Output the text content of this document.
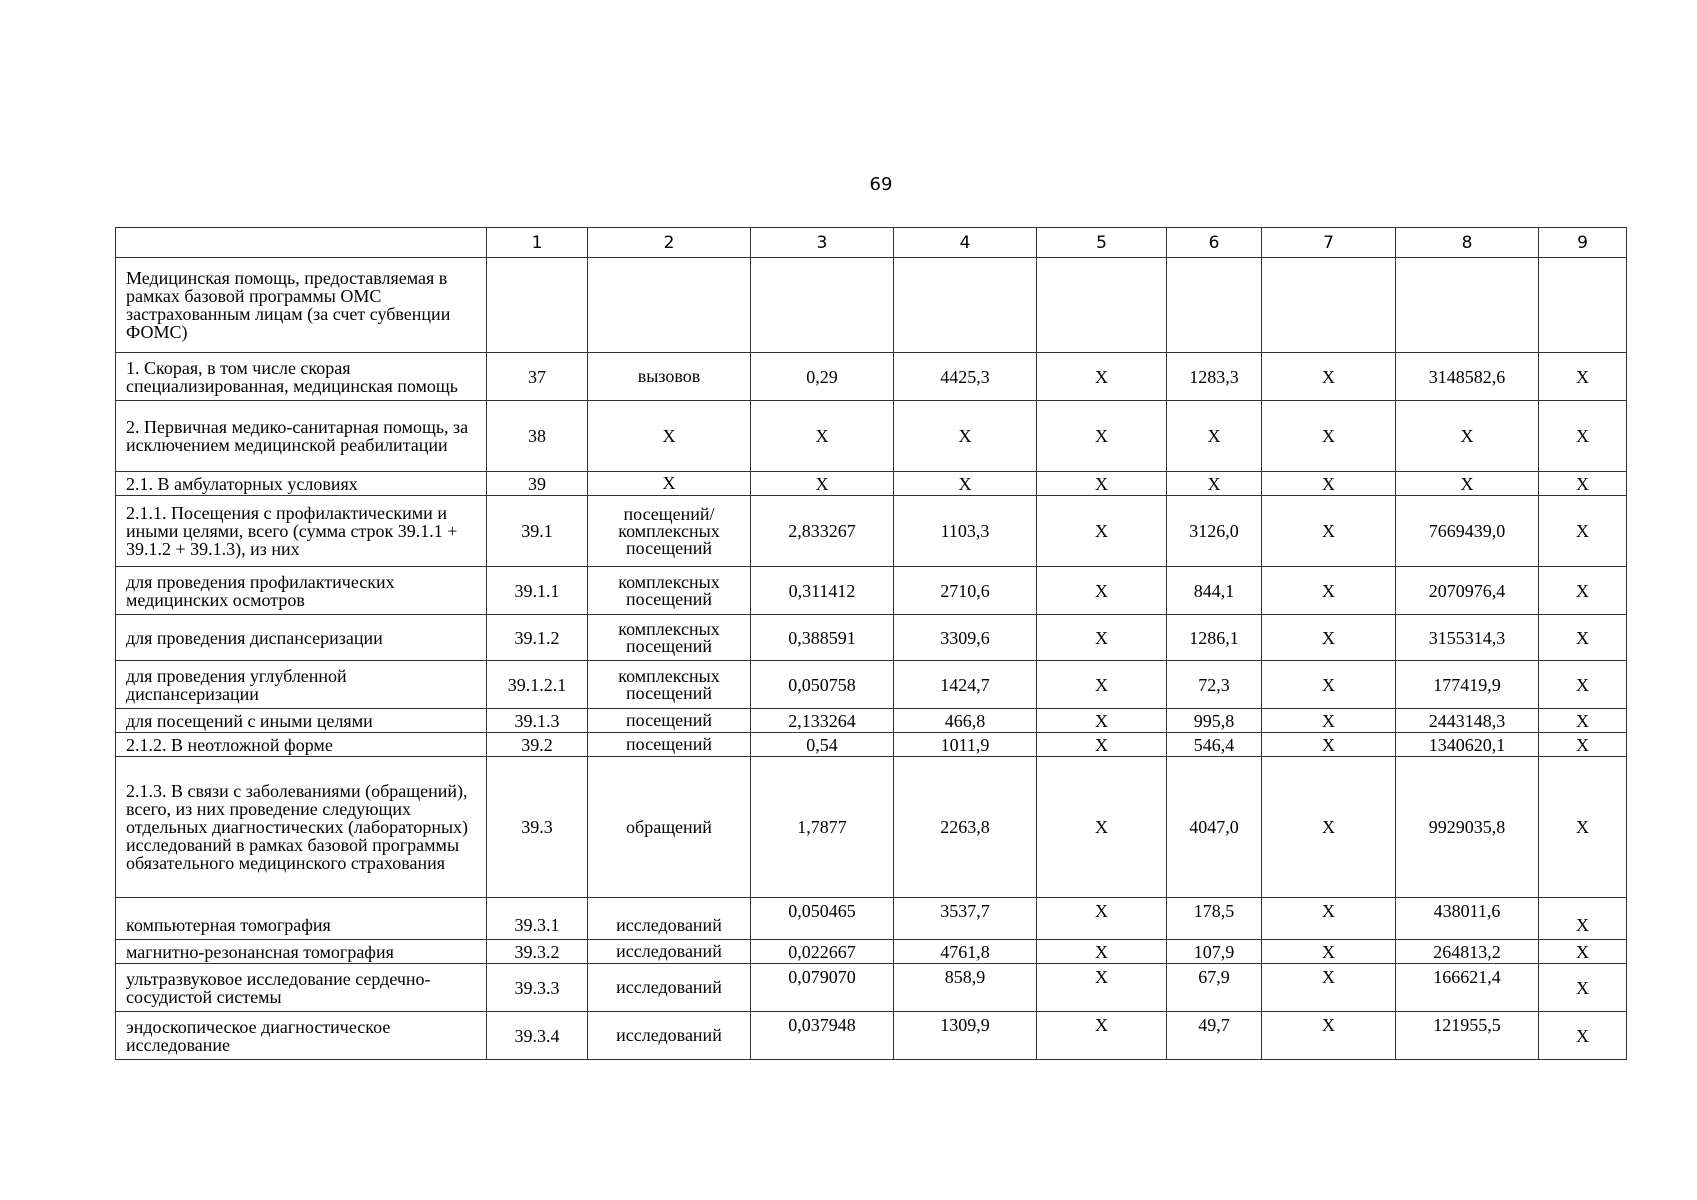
69
	1	2	3	4	5	6	7	8	9
Медицинская помощь, предоставляемая в рамках базовой программы ОМС застрахованным лицам (за счет субвенции ФОМС)									
1. Скорая, в том числе скорая специализированная, медицинская помощь	37	вызовов	0,29	4425,3	Х	1283,3	Х	3148582,6	Х
2. Первичная медико-санитарная помощь, за исключением медицинской реабилитации	38	Х	Х	Х	Х	Х	Х	Х	Х
2.1. В амбулаторных условиях	39	Х	Х	Х	Х	Х	Х	Х	Х
2.1.1. Посещения с профилактическими и иными целями, всего (сумма строк 39.1.1 + 39.1.2 + 39.1.3), из них	39.1	посещений/комплексных посещений	2,833267	1103,3	Х	3126,0	Х	7669439,0	Х
для проведения профилактических медицинских осмотров	39.1.1	комплексных посещений	0,311412	2710,6	Х	844,1	Х	2070976,4	Х
для проведения диспансеризации	39.1.2	комплексных посещений	0,388591	3309,6	Х	1286,1	Х	3155314,3	Х
для проведения углубленной диспансеризации	39.1.2.1	комплексных посещений	0,050758	1424,7	Х	72,3	Х	177419,9	Х
для посещений с иными целями	39.1.3	посещений	2,133264	466,8	Х	995,8	Х	2443148,3	Х
2.1.2. В неотложной форме	39.2	посещений	0,54	1011,9	Х	546,4	Х	1340620,1	Х
2.1.3. В связи с заболеваниями (обращений), всего, из них проведение следующих отдельных диагностических (лабораторных) исследований в рамках базовой программы обязательного медицинского страхования	39.3	обращений	1,7877	2263,8	Х	4047,0	Х	9929035,8	Х
компьютерная томография	39.3.1	исследований	0,050465	3537,7	Х	178,5	Х	438011,6	Х
магнитно-резонансная томография	39.3.2	исследований	0,022667	4761,8	Х	107,9	Х	264813,2	Х
ультразвуковое исследование сердечно-сосудистой системы	39.3.3	исследований	0,079070	858,9	Х	67,9	Х	166621,4	Х
эндоскопическое диагностическое исследование	39.3.4	исследований	0,037948	1309,9	Х	49,7	Х	121955,5	Х
